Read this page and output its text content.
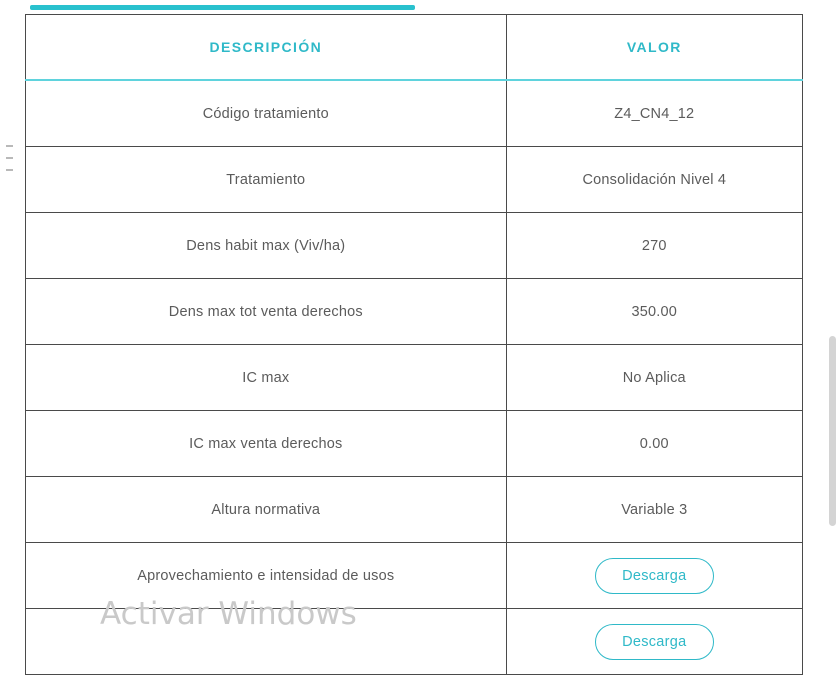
DESCRIPCIÓN	VALOR
Código tratamiento	Z4_CN4_12
Tratamiento	Consolidación Nivel 4
Dens habit max (Viv/ha)	270
Dens max tot venta derechos	350.00
IC max	No Aplica
IC max venta derechos	0.00
Altura normativa	Variable 3
Aprovechamiento e intensidad de usos	Descarga
	Descarga
Activar Windows
